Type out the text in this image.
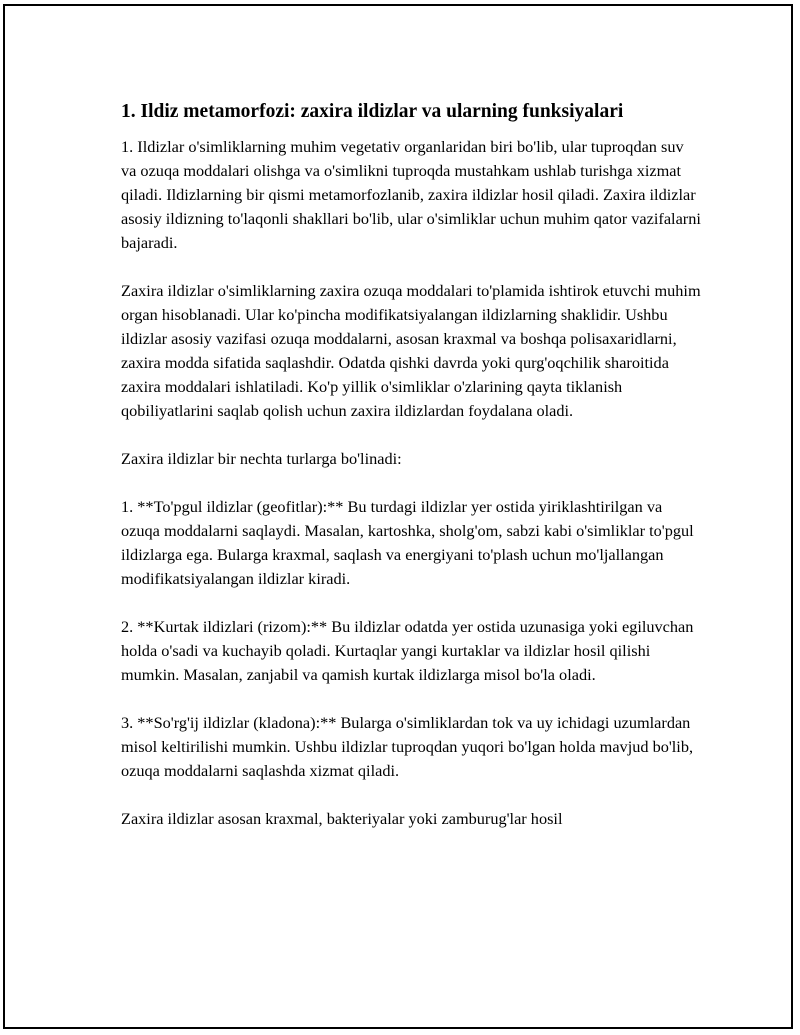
1. Ildiz metamorfozi: zaxira ildizlar va ularning funksiyalari

1. Ildizlar o'simliklarning muhim vegetativ organlaridan biri bo'lib, ular tuproqdan suv va ozuqa moddalari olishga va o'simlikni tuproqda mustahkam ushlab turishga xizmat qiladi. Ildizlarning bir qismi metamorfozlanib, zaxira ildizlar hosil qiladi. Zaxira ildizlar asosiy ildizning to'laqonli shakllari bo'lib, ular o'simliklar uchun muhim qator vazifalarni bajaradi.

Zaxira ildizlar o'simliklarning zaxira ozuqa moddalari to'plamida ishtirok etuvchi muhim organ hisoblanadi. Ular ko'pincha modifikatsiyalangan ildizlarning shaklidir. Ushbu ildizlar asosiy vazifasi ozuqa moddalarni, asosan kraxmal va boshqa polisaxaridlarni, zaxira modda sifatida saqlashdir. Odatda qishki davrda yoki qurg'oqchilik sharoitida zaxira moddalari ishlatiladi. Ko'p yillik o'simliklar o'zlarining qayta tiklanish qobiliyatlarini saqlab qolish uchun zaxira ildizlardan foydalana oladi.

Zaxira ildizlar bir nechta turlarga bo'linadi:

1. **To'pgul ildizlar (geofitlar):** Bu turdagi ildizlar yer ostida yiriklashtirilgan va ozuqa moddalarni saqlaydi. Masalan, kartoshka, sholg'om, sabzi kabi o'simliklar to'pgul ildizlarga ega. Bularga kraxmal, saqlash va energiyani to'plash uchun mo'ljallangan modifikatsiyalangan ildizlar kiradi.

2. **Kurtak ildizlari (rizom):** Bu ildizlar odatda yer ostida uzunasiga yoki egiluvchan holda o'sadi va kuchayib qoladi. Kurtaqlar yangi kurtaklar va ildizlar hosil qilishi mumkin. Masalan, zanjabil va qamish kurtak ildizlarga misol bo'la oladi.

3. **So'rg'ij ildizlar (kladona):** Bularga o'simliklardan tok va uy ichidagi uzumlardan misol keltirilishi mumkin. Ushbu ildizlar tuproqdan yuqori bo'lgan holda mavjud bo'lib, ozuqa moddalarni saqlashda xizmat qiladi.

Zaxira ildizlar asosan kraxmal, bakteriyalar yoki zamburug'lar hosil
